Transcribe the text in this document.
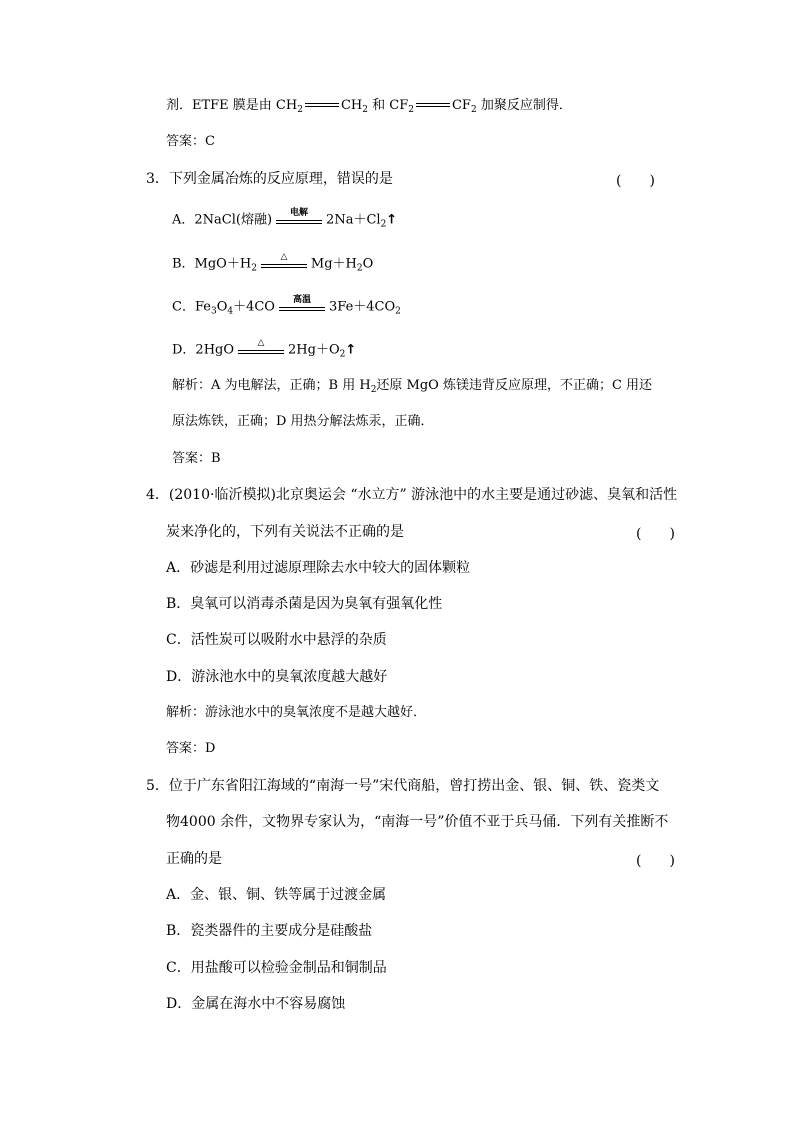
剂．ETFE 膜是由 $CH_2$	$CH_2$ 和 $CF_2$	$CF_2$ 加聚反应制得．
答案：C
3．下列金属冶炼的反应原理，错误的是	(　　)
A．2NaCl(熔融)	电解	$2Na+Cl_2↑$
B．$MgO+H_2$
△	$Mg+H_2O$
C．$Fe_3O_4+4CO$	高温	$3Fe+4CO_2$
D．2HgO	△	$2Hg+O_2↑$
解析：A 为电解法，正确；B 用 $H_2$还原 MgO 炼镁违背反应原理，不正确；C 用还
原法炼铁，正确；D 用热分解法炼汞，正确．
答案：B
4．(2010·临沂模拟)北京奥运会 “水立方” 游泳池中的水主要是通过砂滤、臭氧和活性
炭来净化的，下列有关说法不正确的是	(　　)
A．砂滤是利用过滤原理除去水中较大的固体颗粒
B．臭氧可以消毒杀菌是因为臭氧有强氧化性
C．活性炭可以吸附水中悬浮的杂质
D．游泳池水中的臭氧浓度越大越好
解析：游泳池水中的臭氧浓度不是越大越好．
答案：D
5．位于广东省阳江海域的“南海一号”宋代商船，曾打捞出金、银、铜、铁、瓷类文
物4000 余件，文物界专家认为，“南海一号”价值不亚于兵马俑．下列有关推断不
正确的是	(　　)
A．金、银、铜、铁等属于过渡金属
B．瓷类器件的主要成分是硅酸盐
C．用盐酸可以检验金制品和铜制品
D．金属在海水中不容易腐蚀
